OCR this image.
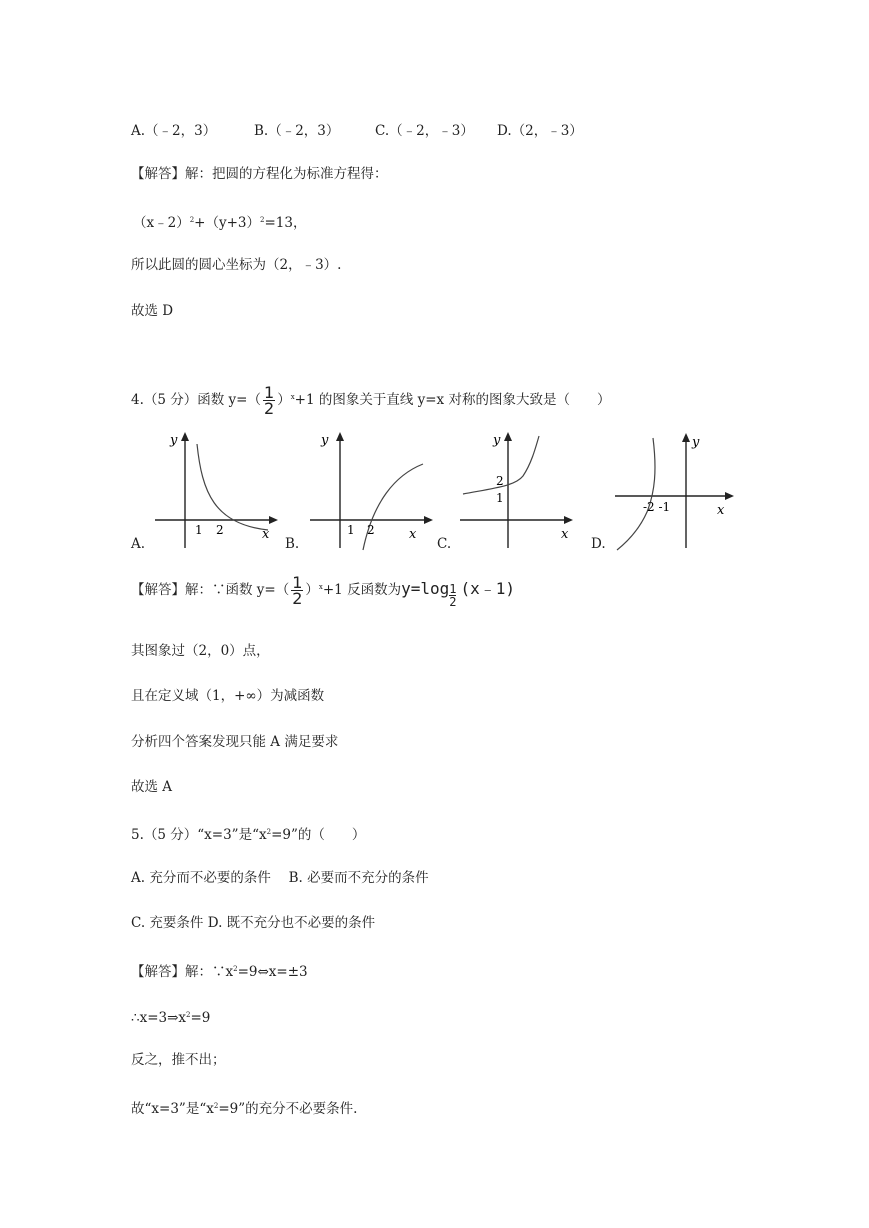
A.（﹣2，3）	B.（﹣2，3）	C.（﹣2，﹣3） D.（2，﹣3）
【解答】解：把圆的方程化为标准方程得：
$(x﹣2)^2+(y+3)^2=13$，
所以此圆的圆心坐标为（2，﹣3）.
故选 D
4.（5 分）函数 $y=( \frac{1}{2} )^x+1$ 的图象关于直线 y=x 对称的图象大致是（　　）
y
x
1 2
A.
y
x
1 2
B.
y
x
2
1
C.
y
x
-2 -1
D.
【解答】解：∵函数 $y=( \frac{1}{2} )^x+1$ 反函数为$y=\log \frac{1}{2}$ (x﹣1)
其图象过（2，0）点，
且在定义域（1，+∞）为减函数
分析四个答案发现只能 A 满足要求
故选 A
5.（5 分）“x=3”是“$x^2=9$”的（　　）
A. 充分而不必要的条件　 B. 必要而不充分的条件
C. 充要条件 D. 既不充分也不必要的条件
【解答】解：$\because x^2=9\Leftrightarrow x=\pm 3$
$\therefore x=3\Rightarrow x^2=9$
反之，推不出；
故“x=3”是“$x^2=9$”的充分不必要条件.
